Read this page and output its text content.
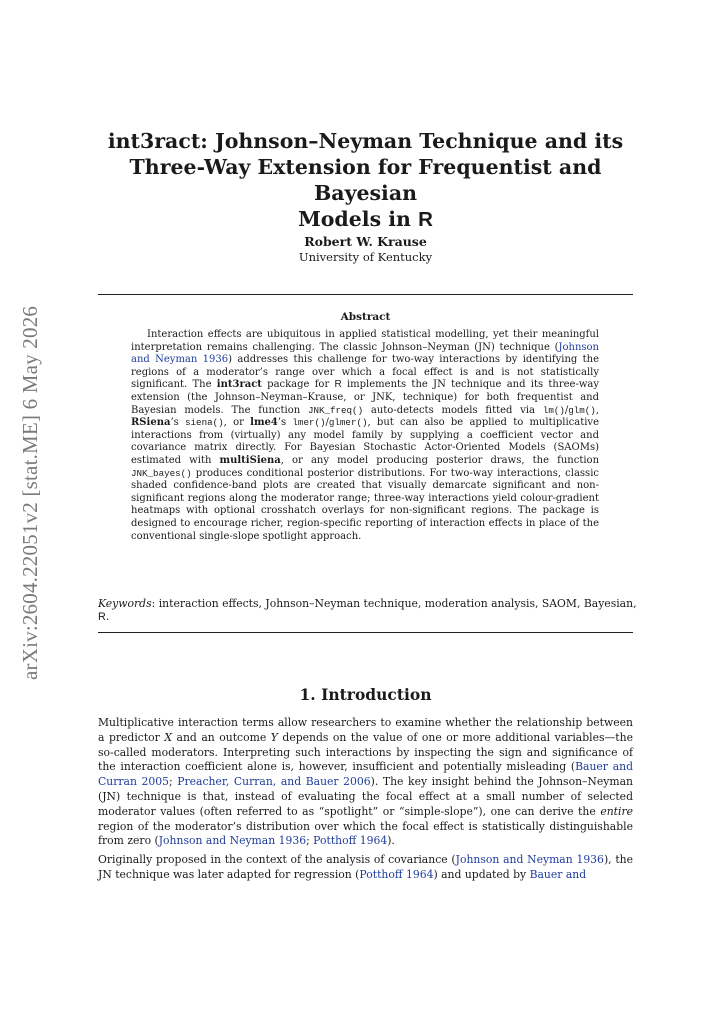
arXiv:2604.22051v2 [stat.ME] 6 May 2026
int3ract: Johnson–Neyman Technique and its
Three-Way Extension for Frequentist and Bayesian
Models in R
Robert W. Krause
University of Kentucky
Abstract

Interaction effects are ubiquitous in applied statistical modelling, yet their meaningful interpretation remains challenging. The classic Johnson–Neyman (JN) technique (Johnson and Neyman 1936) addresses this challenge for two-way interactions by identifying the regions of a moderator’s range over which a focal effect is and is not statistically significant. The int3ract package for R implements the JN technique and its three-way extension (the Johnson–Neyman–Krause, or JNK, technique) for both frequentist and Bayesian models. The function JNK_freq() auto-detects models fitted via lm()/glm(), RSiena’s siena(), or lme4’s lmer()/glmer(), but can also be applied to multiplicative interactions from (virtually) any model family by supplying a coefficient vector and covariance matrix directly. For Bayesian Stochastic Actor-Oriented Models (SAOMs) estimated with multiSiena, or any model producing posterior draws, the function JNK_bayes() produces conditional posterior distributions. For two-way interactions, classic shaded confidence-band plots are created that visually demarcate significant and non-significant regions along the moderator range; three-way interactions yield colour-gradient heatmaps with optional crosshatch overlays for non-significant regions. The package is designed to encourage richer, region-specific reporting of interaction effects in place of the conventional single-slope spotlight approach.

Keywords: interaction effects, Johnson–Neyman technique, moderation analysis, SAOM, Bayesian,
R.
1. Introduction

Multiplicative interaction terms allow researchers to examine whether the relationship between a predictor X and an outcome Y depends on the value of one or more additional variables—the so-called moderators. Interpreting such interactions by inspecting the sign and significance of the interaction coefficient alone is, however, insufficient and potentially misleading (Bauer and Curran 2005; Preacher, Curran, and Bauer 2006). The key insight behind the Johnson–Neyman (JN) technique is that, instead of evaluating the focal effect at a small number of selected moderator values (often referred to as “spotlight” or “simple-slope”), one can derive the entire region of the moderator’s distribution over which the focal effect is statistically distinguishable from zero (Johnson and Neyman 1936; Potthoff 1964).

Originally proposed in the context of the analysis of covariance (Johnson and Neyman 1936), the JN technique was later adapted for regression (Potthoff 1964) and updated by Bauer and
